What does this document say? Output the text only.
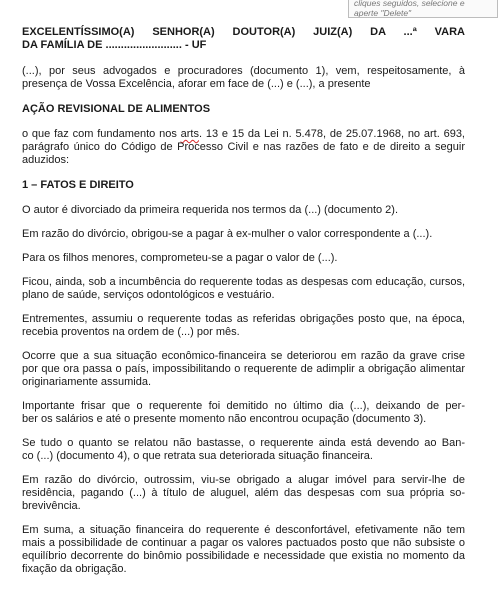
cliques seguidos, selecione e
aperte "Delete"
EXCELENTÍSSIMO(A) SENHOR(A) DOUTOR(A) JUIZ(A) DA ...ª VARA
DA FAMÍLIA DE ......................... - UF

(...), por seus advogados e procuradores (documento 1), vem, respeitosamente, à presença de Vossa Excelência, aforar em face de (...) e (...), a presente

AÇÃO REVISIONAL DE ALIMENTOS

o que faz com fundamento nos arts. 13 e 15 da Lei n. 5.478, de 25.07.1968, no art. 693, parágrafo único do Código de Processo Civil e nas razões de fato e de direito a seguir aduzidos:

1 – FATOS E DIREITO

O autor é divorciado da primeira requerida nos termos da (...) (documento 2).

Em razão do divórcio, obrigou-se a pagar à ex-mulher o valor correspondente a (...).

Para os filhos menores, comprometeu-se a pagar o valor de (...).

Ficou, ainda, sob a incumbência do requerente todas as despesas com educação, cursos, plano de saúde, serviços odontológicos e vestuário.

Entrementes, assumiu o requerente todas as referidas obrigações posto que, na época, recebia proventos na ordem de (...) por mês.

Ocorre que a sua situação econômico-financeira se deteriorou em razão da grave crise por que ora passa o país, impossibilitando o requerente de adimplir a obrigação alimentar originariamente assumida.

Importante frisar que o requerente foi demitido no último dia (...), deixando de per-
ber os salários e até o presente momento não encontrou ocupação (documento 3).

Se tudo o quanto se relatou não bastasse, o requerente ainda está devendo ao Ban-
co (...) (documento 4), o que retrata sua deteriorada situação financeira.

Em razão do divórcio, outrossim, viu-se obrigado a alugar imóvel para servir-lhe de residência, pagando (...) à título de aluguel, além das despesas com sua própria so-
brevivência.

Em suma, a situação financeira do requerente é desconfortável, efetivamente não tem mais a possibilidade de continuar a pagar os valores pactuados posto que não subsiste o equilíbrio decorrente do binômio possibilidade e necessidade que existia no momento da fixação da obrigação.
